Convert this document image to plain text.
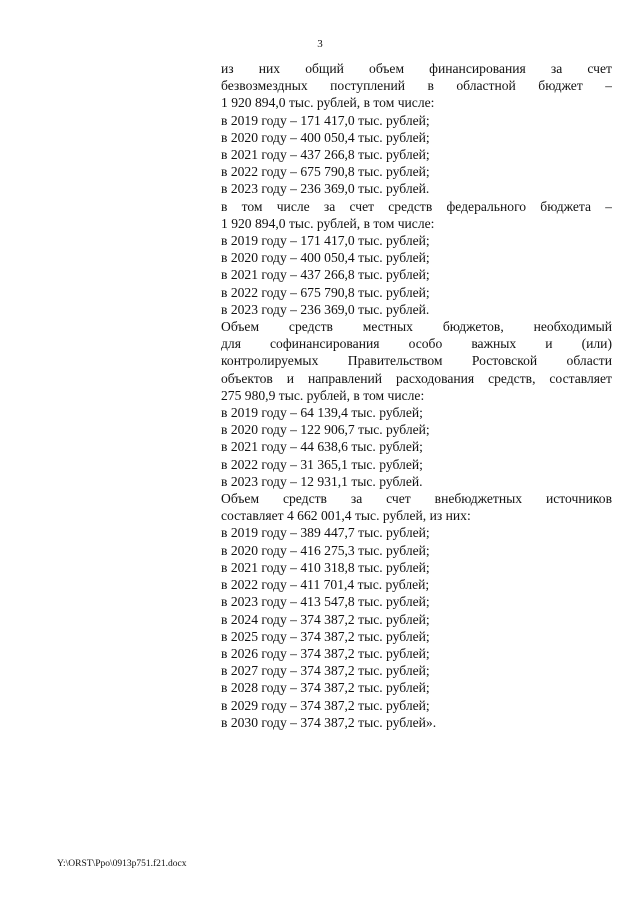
3
из них общий объем финансирования за счет
безвозмездных поступлений в областной бюджет –
1 920 894,0 тыс. рублей, в том числе:
в 2019 году – 171 417,0 тыс. рублей;
в 2020 году – 400 050,4 тыс. рублей;
в 2021 году – 437 266,8 тыс. рублей;
в 2022 году – 675 790,8 тыс. рублей;
в 2023 году – 236 369,0 тыс. рублей.
в том числе за счет средств федерального бюджета –
1 920 894,0 тыс. рублей, в том числе:
в 2019 году – 171 417,0 тыс. рублей;
в 2020 году – 400 050,4 тыс. рублей;
в 2021 году – 437 266,8 тыс. рублей;
в 2022 году – 675 790,8 тыс. рублей;
в 2023 году – 236 369,0 тыс. рублей.
Объем средств местных бюджетов, необходимый
для софинансирования особо важных и (или)
контролируемых Правительством Ростовской области
объектов и направлений расходования средств, составляет
275 980,9 тыс. рублей, в том числе:
в 2019 году – 64 139,4 тыс. рублей;
в 2020 году – 122 906,7 тыс. рублей;
в 2021 году – 44 638,6 тыс. рублей;
в 2022 году – 31 365,1 тыс. рублей;
в 2023 году – 12 931,1 тыс. рублей.
Объем средств за счет внебюджетных источников
составляет 4 662 001,4 тыс. рублей, из них:
в 2019 году – 389 447,7 тыс. рублей;
в 2020 году – 416 275,3 тыс. рублей;
в 2021 году – 410 318,8 тыс. рублей;
в 2022 году – 411 701,4 тыс. рублей;
в 2023 году – 413 547,8 тыс. рублей;
в 2024 году – 374 387,2 тыс. рублей;
в 2025 году – 374 387,2 тыс. рублей;
в 2026 году – 374 387,2 тыс. рублей;
в 2027 году – 374 387,2 тыс. рублей;
в 2028 году – 374 387,2 тыс. рублей;
в 2029 году – 374 387,2 тыс. рублей;
в 2030 году – 374 387,2 тыс. рублей».
Y:\ORST\Ppo\0913p751.f21.docx
